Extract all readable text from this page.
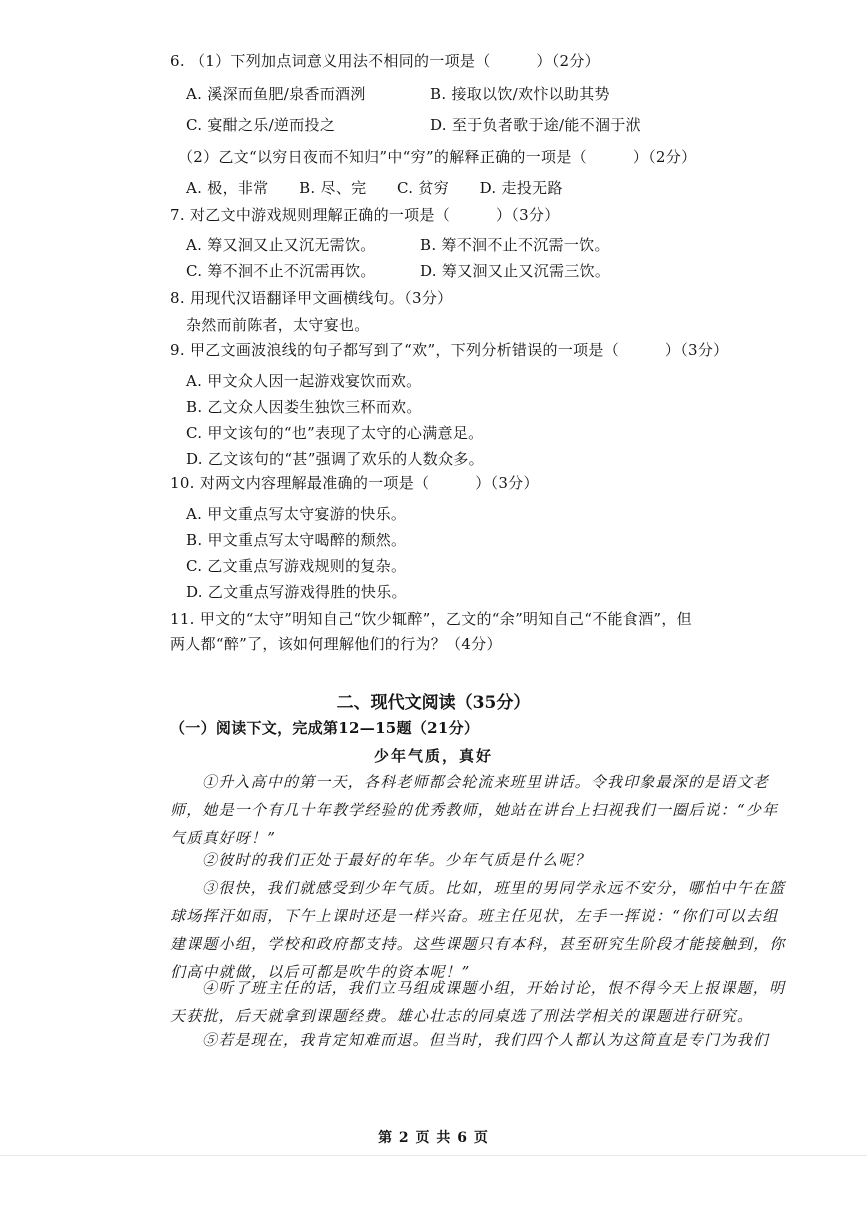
6. （1）下列加点词意义用法不相同的一项是（　　　）（2分）
A. 溪深而鱼肥/泉香而酒洌	B. 接取以饮/欢忭以助其势
C. 宴酣之乐/逆而投之	D. 至于负者歌于途/能不涸于洑
（2）乙文“以穷日夜而不知归”中“穷”的解释正确的一项是（　　　）（2分）
A. 极，非常　　B. 尽、完　　C. 贫穷　　D. 走投无路
7. 对乙文中游戏规则理解正确的一项是（　　　）（3分）
A. 筹又洄又止又沉无需饮。	B. 筹不洄不止不沉需一饮。
C. 筹不洄不止不沉需再饮。	D. 筹又洄又止又沉需三饮。
8. 用现代汉语翻译甲文画横线句。（3分）
杂然而前陈者，太守宴也。
9. 甲乙文画波浪线的句子都写到了“欢”，下列分析错误的一项是（　　　）（3分）
A. 甲文众人因一起游戏宴饮而欢。
B. 乙文众人因娄生独饮三杯而欢。
C. 甲文该句的“也”表现了太守的心满意足。
D. 乙文该句的“甚”强调了欢乐的人数众多。
10. 对两文内容理解最准确的一项是（　　　）（3分）
A. 甲文重点写太守宴游的快乐。
B. 甲文重点写太守喝醉的颓然。
C. 乙文重点写游戏规则的复杂。
D. 乙文重点写游戏得胜的快乐。
11. 甲文的“太守”明知自己“饮少辄醉”，乙文的“余”明知自己“不能食酒”，但
两人都“醉”了，该如何理解他们的行为？（4分）
二、现代文阅读（35分）
（一）阅读下文，完成第12—15题（21分）
少年气质，真好
①升入高中的第一天，各科老师都会轮流来班里讲话。令我印象最深的是语文老师，她是一个有几十年教学经验的优秀教师，她站在讲台上扫视我们一圈后说：“少年气质真好呀！”
②彼时的我们正处于最好的年华。少年气质是什么呢？
③很快，我们就感受到少年气质。比如，班里的男同学永远不安分，哪怕中午在篮球场挥汗如雨，下午上课时还是一样兴奋。班主任见状，左手一挥说：“你们可以去组建课题小组，学校和政府都支持。这些课题只有本科，甚至研究生阶段才能接触到，你们高中就做，以后可都是吹牛的资本呢！”
④听了班主任的话，我们立马组成课题小组，开始讨论，恨不得今天上报课题，明天获批，后天就拿到课题经费。雄心壮志的同桌选了刑法学相关的课题进行研究。
⑤若是现在，我肯定知难而退。但当时，我们四个人都认为这简直是专门为我们
第 2 页 共 6 页
